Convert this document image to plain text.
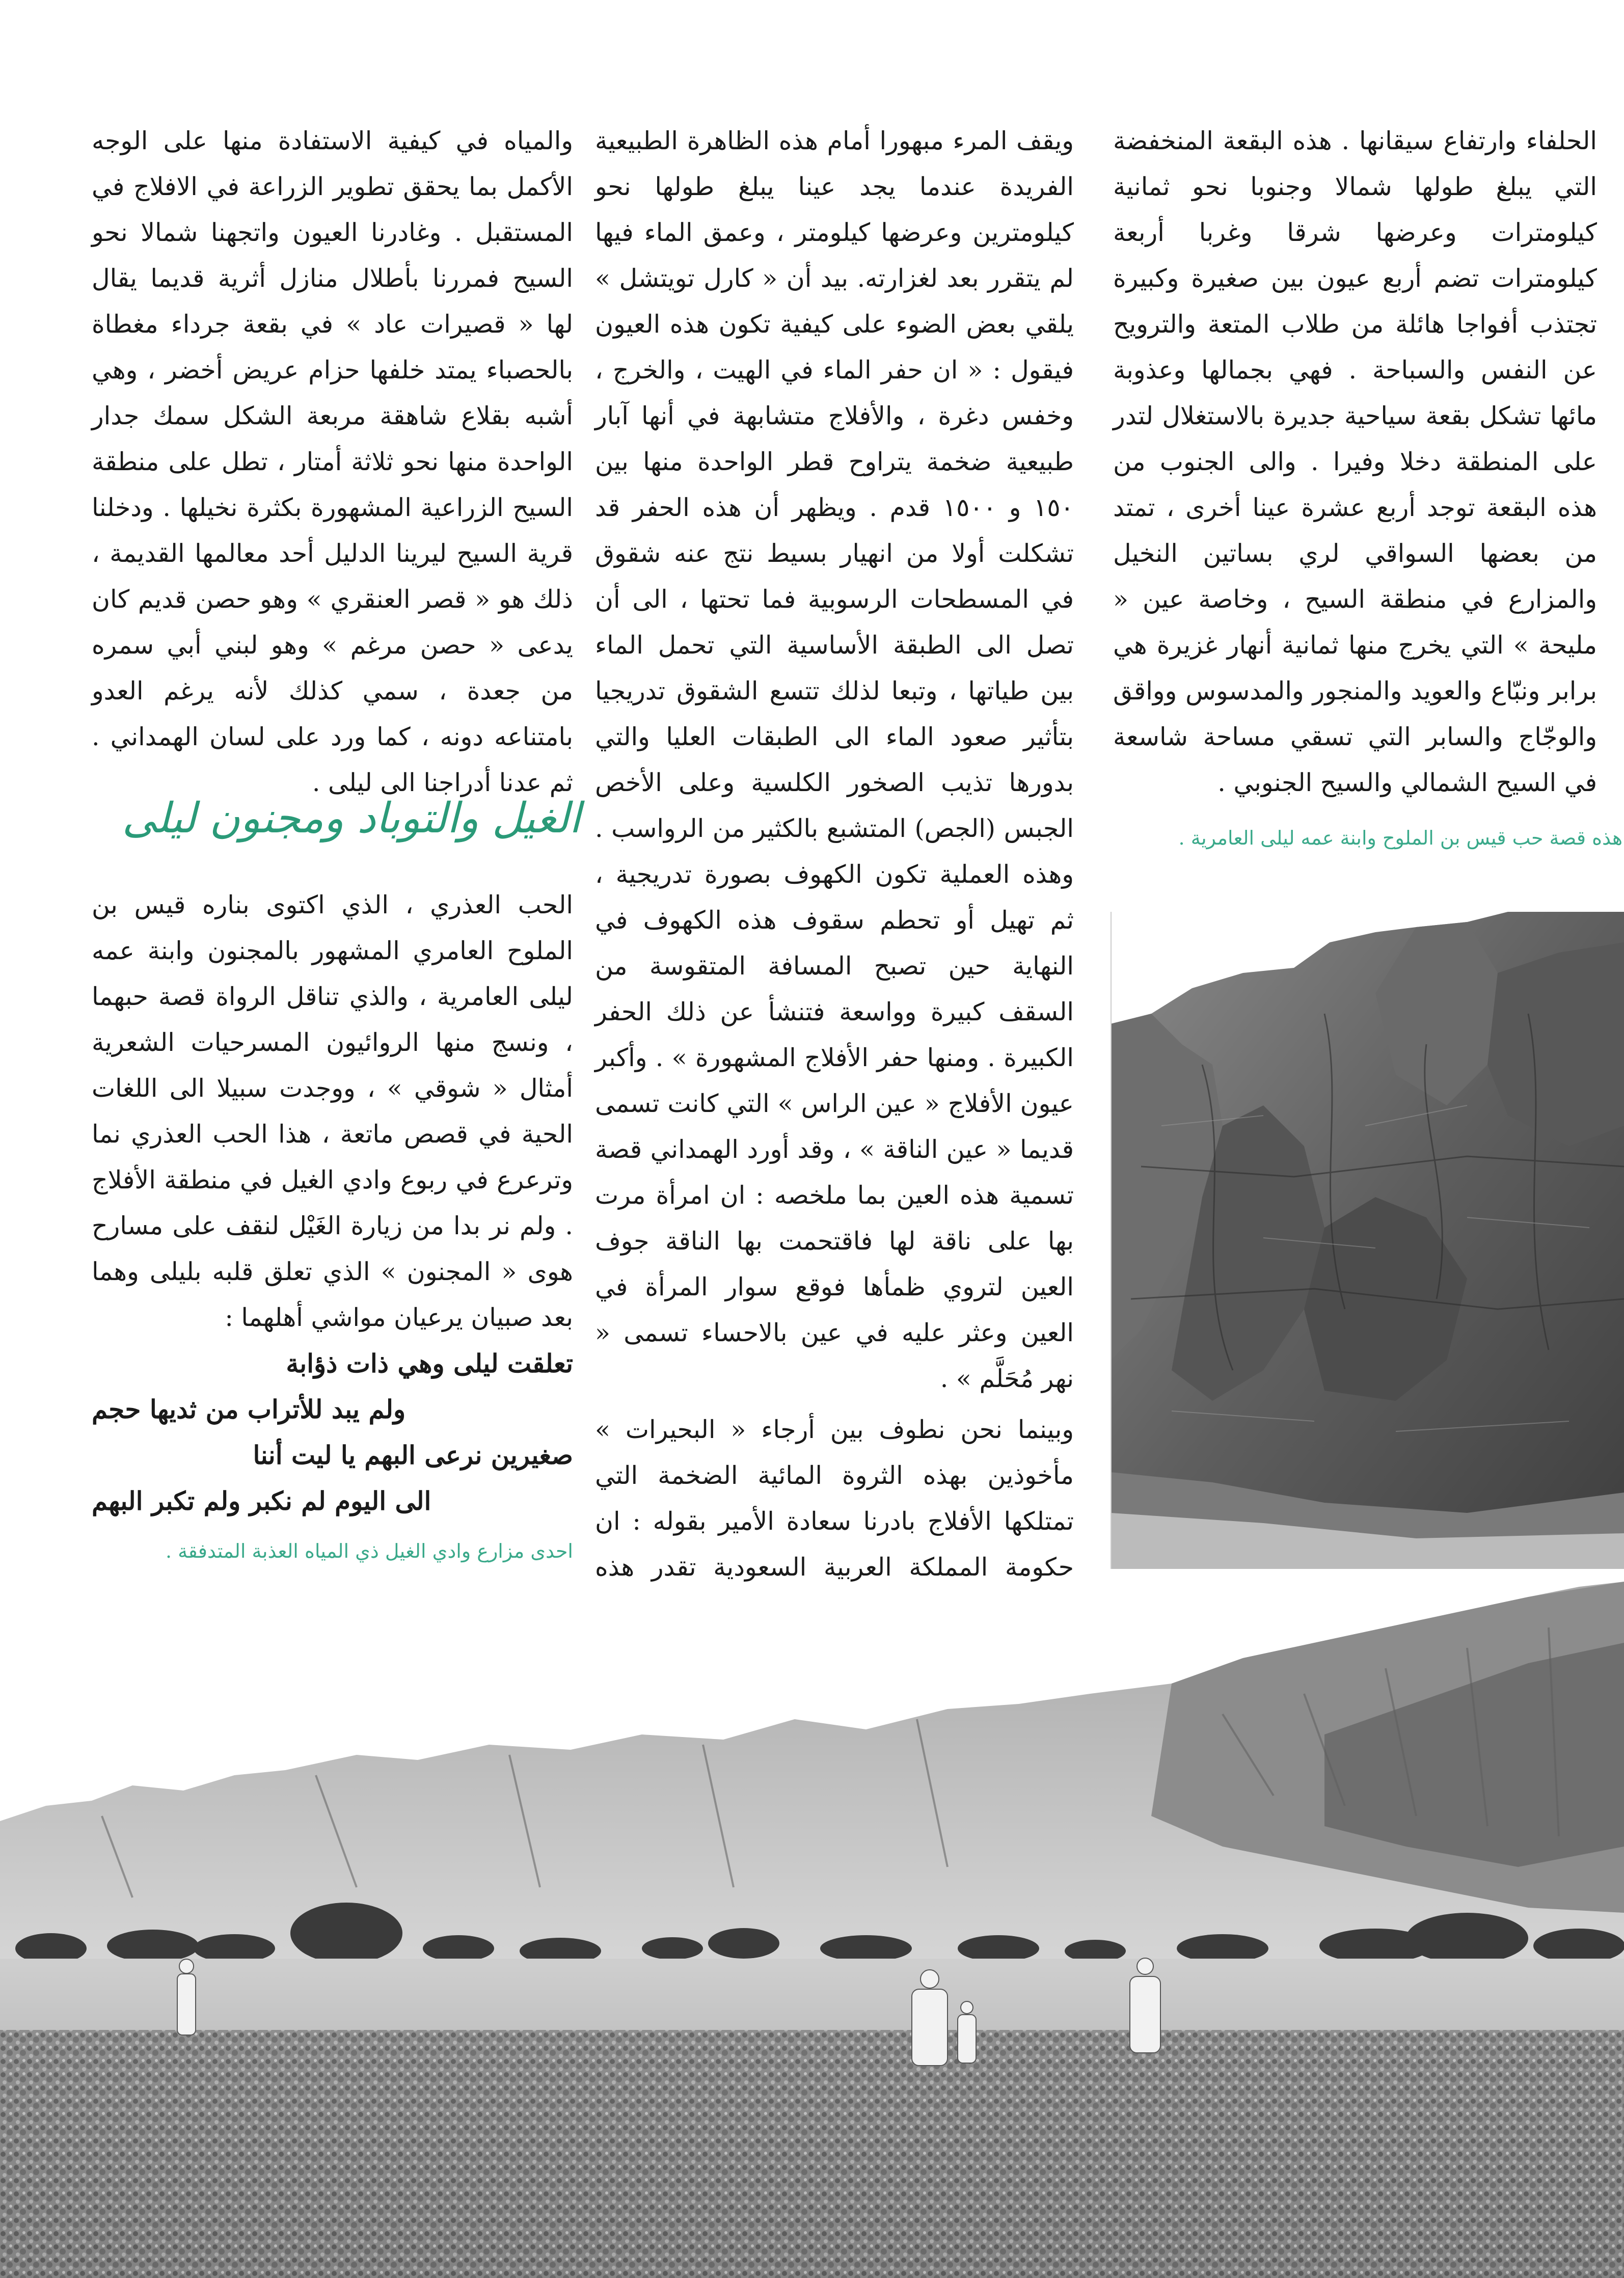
الحلفاء وارتفاع سيقانها . هذه البقعة المنخفضة التي يبلغ طولها شمالا وجنوبا نحو ثمانية كيلومترات وعرضها شرقا وغربا أربعة كيلومترات تضم أربع عيون بين صغيرة وكبيرة تجتذب أفواجا هائلة من طلاب المتعة والترويح عن النفس والسباحة . فهي بجمالها وعذوبة مائها تشكل بقعة سياحية جديرة بالاستغلال لتدر على المنطقة دخلا وفيرا . والى الجنوب من هذه البقعة توجد أربع عشرة عينا أخرى ، تمتد من بعضها السواقي لري بساتين النخيل والمزارع في منطقة السيح ، وخاصة عين « مليحة » التي يخرج منها ثمانية أنهار غزيرة هي برابر ونبّاع والعويد والمنجور والمدسوس وواقق والوجّاج والسابر التي تسقي مساحة شاسعة في السيح الشمالي والسيح الجنوبي .

ويقف المرء مبهورا أمام هذه الظاهرة الطبيعية الفريدة عندما يجد عينا يبلغ طولها نحو كيلومترين وعرضها كيلومتر ، وعمق الماء فيها لم يتقرر بعد لغزارته. بيد أن « كارل تويتشل » يلقي بعض الضوء على كيفية تكون هذه العيون فيقول : « ان حفر الماء في الهيت ، والخرج ، وخفس دغرة ، والأفلاج متشابهة في أنها آبار طبيعية ضخمة يتراوح قطر الواحدة منها بين ١٥٠ و ١٥٠٠ قدم . ويظهر أن هذه الحفر قد تشكلت أولا من انهيار بسيط نتج عنه شقوق في المسطحات الرسوبية فما تحتها ، الى أن تصل الى الطبقة الأساسية التي تحمل الماء بين طياتها ، وتبعا لذلك تتسع الشقوق تدريجيا بتأثير صعود الماء الى الطبقات العليا والتي بدورها تذيب الصخور الكلسية وعلى الأخص الجبس (الجص) المتشبع بالكثير من الرواسب . وهذه العملية تكون الكهوف بصورة تدريجية ، ثم تهيل أو تحطم سقوف هذه الكهوف في النهاية حين تصبح المسافة المتقوسة من السقف كبيرة وواسعة فتنشأ عن ذلك الحفر الكبيرة . ومنها حفر الأفلاج المشهورة » . وأكبر عيون الأفلاج « عين الراس » التي كانت تسمى قديما « عين الناقة » ، وقد أورد الهمداني قصة تسمية هذه العين بما ملخصه : ان امرأة مرت بها على ناقة لها فاقتحمت بها الناقة جوف العين لتروي ظمأها فوقع سوار المرأة في العين وعثر عليه في عين بالاحساء تسمى « نهر مُحَلَّم » .

وبينما نحن نطوف بين أرجاء « البحيرات » مأخوذين بهذه الثروة المائية الضخمة التي تمتلكها الأفلاج بادرنا سعادة الأمير بقوله : ان حكومة المملكة العربية السعودية تقدر هذه

والمياه في كيفية الاستفادة منها على الوجه الأكمل بما يحقق تطوير الزراعة في الافلاج في المستقبل . وغادرنا العيون واتجهنا شمالا نحو السيح فمررنا بأطلال منازل أثرية قديما يقال لها « قصيرات عاد » في بقعة جرداء مغطاة بالحصباء يمتد خلفها حزام عريض أخضر ، وهي أشبه بقلاع شاهقة مربعة الشكل سمك جدار الواحدة منها نحو ثلاثة أمتار ، تطل على منطقة السيح الزراعية المشهورة بكثرة نخيلها . ودخلنا قرية السيح ليرينا الدليل أحد معالمها القديمة ، ذلك هو « قصر العنقري » وهو حصن قديم كان يدعى « حصن مرغم » وهو لبني أبي سمره من جعدة ، سمي كذلك لأنه يرغم العدو بامتناعه دونه ، كما ورد على لسان الهمداني . ثم عدنا أدراجنا الى ليلى .

الحب العذري ، الذي اكتوى بناره قيس بن الملوح العامري المشهور بالمجنون وابنة عمه ليلى العامرية ، والذي تناقل الرواة قصة حبهما ، ونسج منها الروائيون المسرحيات الشعرية أمثال « شوقي » ، ووجدت سبيلا الى اللغات الحية في قصص ماتعة ، هذا الحب العذري نما وترعرع في ربوع وادي الغيل في منطقة الأفلاج . ولم نر بدا من زيارة الغَيْل لنقف على مسارح هوى « المجنون » الذي تعلق قلبه بليلى وهما بعد صبيان يرعيان مواشي أهلهما :

تعلقت ليلى وهي ذات ذؤابة
ولم يبد للأتراب من ثديها حجم
صغيرين نرعى البهم يا ليت أننا
الى اليوم لم نكبر ولم تكبر البهم
الغيل والتوباد ومجنون ليلى	هذه قصة حب قيس بن الملوح وابنة عمه ليلى العامرية .
احدى مزارع وادي الغيل ذي المياه العذبة المتدفقة .
